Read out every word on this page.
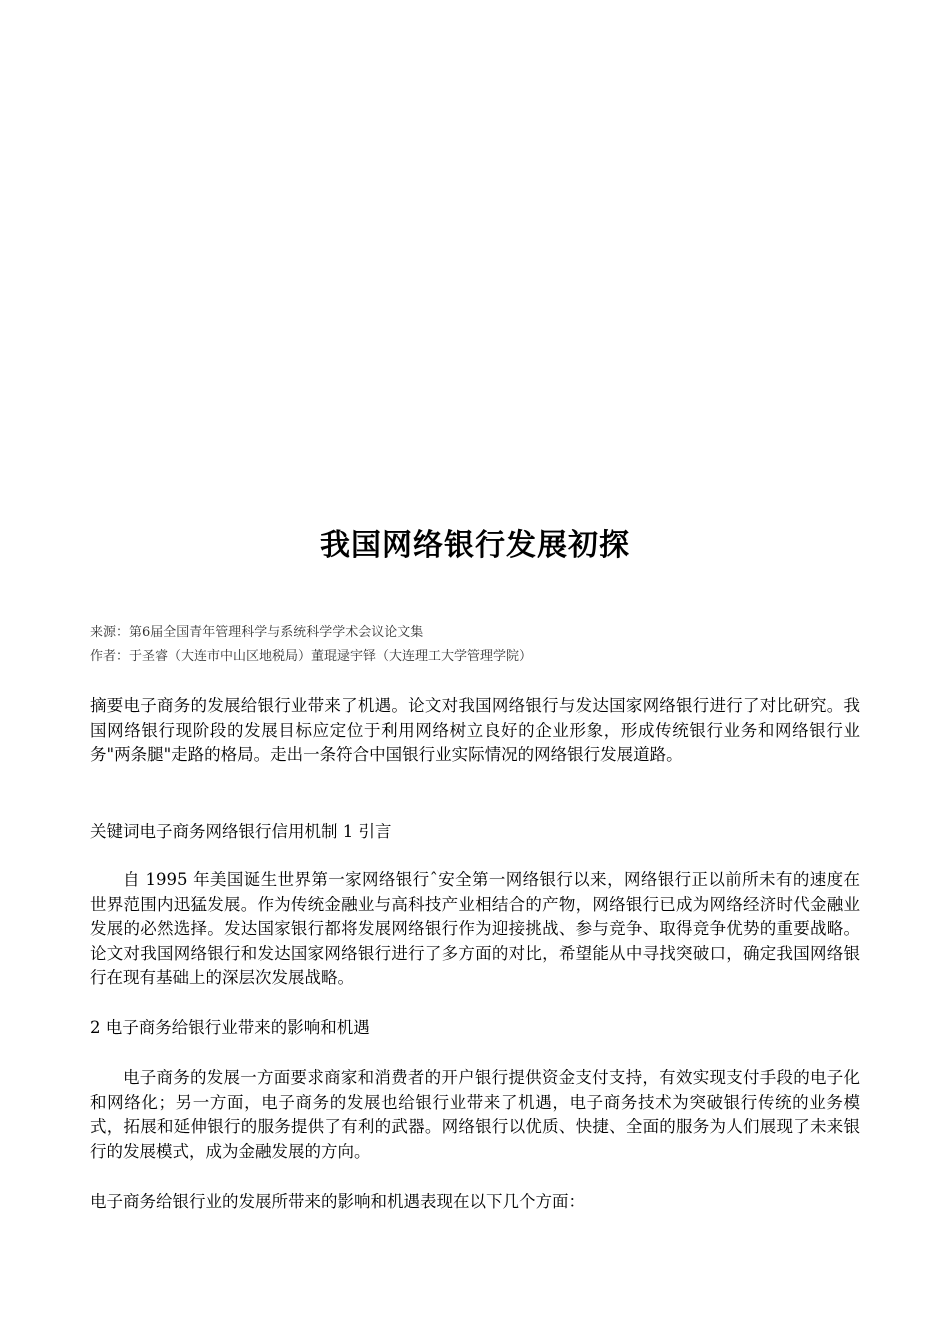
我国网络银行发展初探

来源：第6届全国青年管理科学与系统科学学术会议论文集

作者：于圣睿（大连市中山区地税局）董琨逯宇铎（大连理工大学管理学院）

摘要电子商务的发展给银行业带来了机遇。论文对我国网络银行与发达国家网络银行进行了对比研究。我国网络银行现阶段的发展目标应定位于利用网络树立良好的企业形象，形成传统银行业务和网络银行业务"两条腿"走路的格局。走出一条符合中国银行业实际情况的网络银行发展道路。

关键词电子商务网络银行信用机制 1 引言

自 1995 年美国诞生世界第一家网络银行ˆ安全第一网络银行以来，网络银行正以前所未有的速度在世界范围内迅猛发展。作为传统金融业与高科技产业相结合的产物，网络银行已成为网络经济时代金融业发展的必然选择。发达国家银行都将发展网络银行作为迎接挑战、参与竞争、取得竞争优势的重要战略。论文对我国网络银行和发达国家网络银行进行了多方面的对比，希望能从中寻找突破口，确定我国网络银行在现有基础上的深层次发展战略。

2 电子商务给银行业带来的影响和机遇

电子商务的发展一方面要求商家和消费者的开户银行提供资金支付支持，有效实现支付手段的电子化和网络化；另一方面，电子商务的发展也给银行业带来了机遇，电子商务技术为突破银行传统的业务模式，拓展和延伸银行的服务提供了有利的武器。网络银行以优质、快捷、全面的服务为人们展现了未来银行的发展模式，成为金融发展的方向。

电子商务给银行业的发展所带来的影响和机遇表现在以下几个方面：
